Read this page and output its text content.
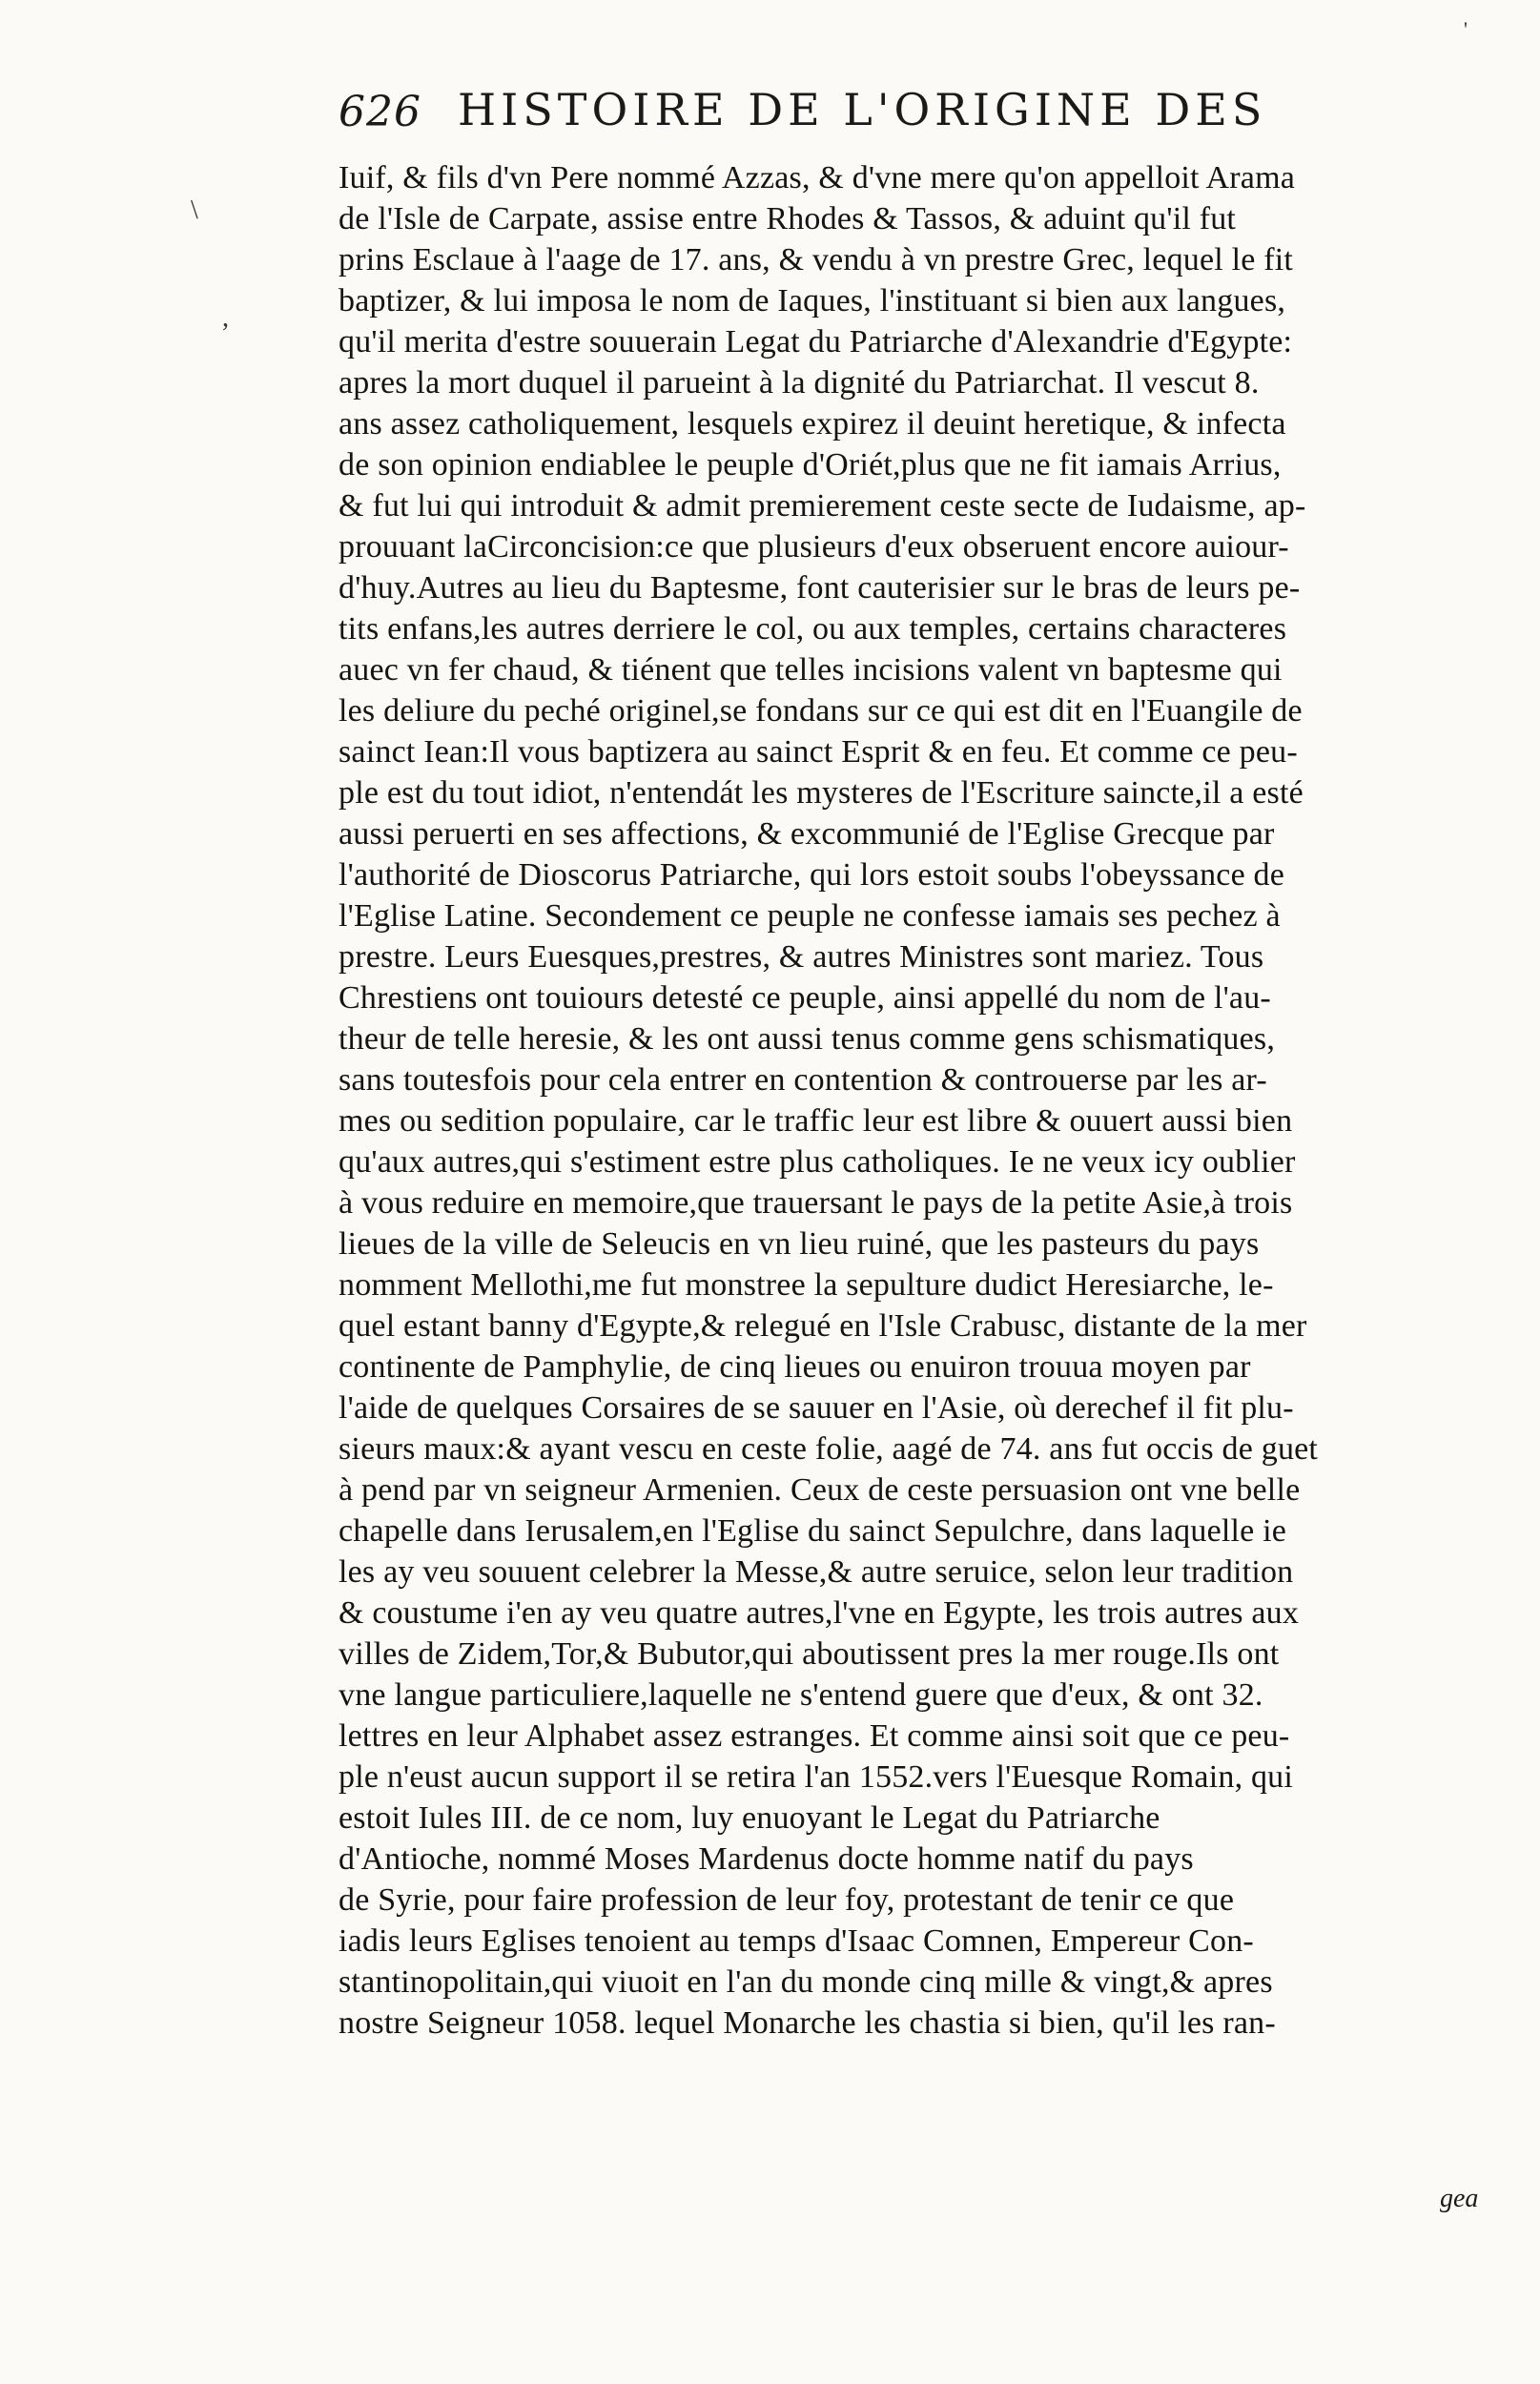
\
,
'
626 HISTOIRE DE L'ORIGINE DES
Iuif, & fils d'vn Pere nommé Azzas, & d'vne mere qu'on appelloit Arama
de l'Isle de Carpate, assise entre Rhodes & Tassos, & aduint qu'il fut
prins Esclaue à l'aage de 17. ans, & vendu à vn prestre Grec, lequel le fit
baptizer, & lui imposa le nom de Iaques, l'instituant si bien aux langues,
qu'il merita d'estre souuerain Legat du Patriarche d'Alexandrie d'Egypte:
apres la mort duquel il parueint à la dignité du Patriarchat. Il vescut 8.
ans assez catholiquement, lesquels expirez il deuint heretique, & infecta
de son opinion endiablee le peuple d'Oriét,plus que ne fit iamais Arrius,
& fut lui qui introduit & admit premierement ceste secte de Iudaisme, ap-
prouuant laCirconcision:ce que plusieurs d'eux obseruent encore auiour-
d'huy.Autres au lieu du Baptesme, font cauterisier sur le bras de leurs pe-
tits enfans,les autres derriere le col, ou aux temples, certains characteres
auec vn fer chaud, & tiénent que telles incisions valent vn baptesme qui
les deliure du peché originel,se fondans sur ce qui est dit en l'Euangile de
sainct Iean:Il vous baptizera au sainct Esprit & en feu. Et comme ce peu-
ple est du tout idiot, n'entendát les mysteres de l'Escriture saincte,il a esté
aussi peruerti en ses affections, & excommunié de l'Eglise Grecque par
l'authorité de Dioscorus Patriarche, qui lors estoit soubs l'obeyssance de
l'Eglise Latine. Secondement ce peuple ne confesse iamais ses pechez à
prestre. Leurs Euesques,prestres, & autres Ministres sont mariez. Tous
Chrestiens ont touiours detesté ce peuple, ainsi appellé du nom de l'au-
theur de telle heresie, & les ont aussi tenus comme gens schismatiques,
sans toutesfois pour cela entrer en contention & controuerse par les ar-
mes ou sedition populaire, car le traffic leur est libre & ouuert aussi bien
qu'aux autres,qui s'estiment estre plus catholiques. Ie ne veux icy oublier
à vous reduire en memoire,que trauersant le pays de la petite Asie,à trois
lieues de la ville de Seleucis en vn lieu ruiné, que les pasteurs du pays
nomment Mellothi,me fut monstree la sepulture dudict Heresiarche, le-
quel estant banny d'Egypte,& relegué en l'Isle Crabusc, distante de la mer
continente de Pamphylie, de cinq lieues ou enuiron trouua moyen par
l'aide de quelques Corsaires de se sauuer en l'Asie, où derechef il fit plu-
sieurs maux:& ayant vescu en ceste folie, aagé de 74. ans fut occis de guet
à pend par vn seigneur Armenien. Ceux de ceste persuasion ont vne belle
chapelle dans Ierusalem,en l'Eglise du sainct Sepulchre, dans laquelle ie
les ay veu souuent celebrer la Messe,& autre seruice, selon leur tradition
& coustume i'en ay veu quatre autres,l'vne en Egypte, les trois autres aux
villes de Zidem,Tor,& Bubutor,qui aboutissent pres la mer rouge.Ils ont
vne langue particuliere,laquelle ne s'entend guere que d'eux, & ont 32.
lettres en leur Alphabet assez estranges. Et comme ainsi soit que ce peu-
ple n'eust aucun support il se retira l'an 1552.vers l'Euesque Romain, qui
estoit Iules III. de ce nom, luy enuoyant le Legat du Patriarche
d'Antioche, nommé Moses Mardenus docte homme natif du pays
de Syrie, pour faire profession de leur foy, protestant de tenir ce que
iadis leurs Eglises tenoient au temps d'Isaac Comnen, Empereur Con-
stantinopolitain,qui viuoit en l'an du monde cinq mille & vingt,& apres
nostre Seigneur 1058. lequel Monarche les chastia si bien, qu'il les ran-
gea
